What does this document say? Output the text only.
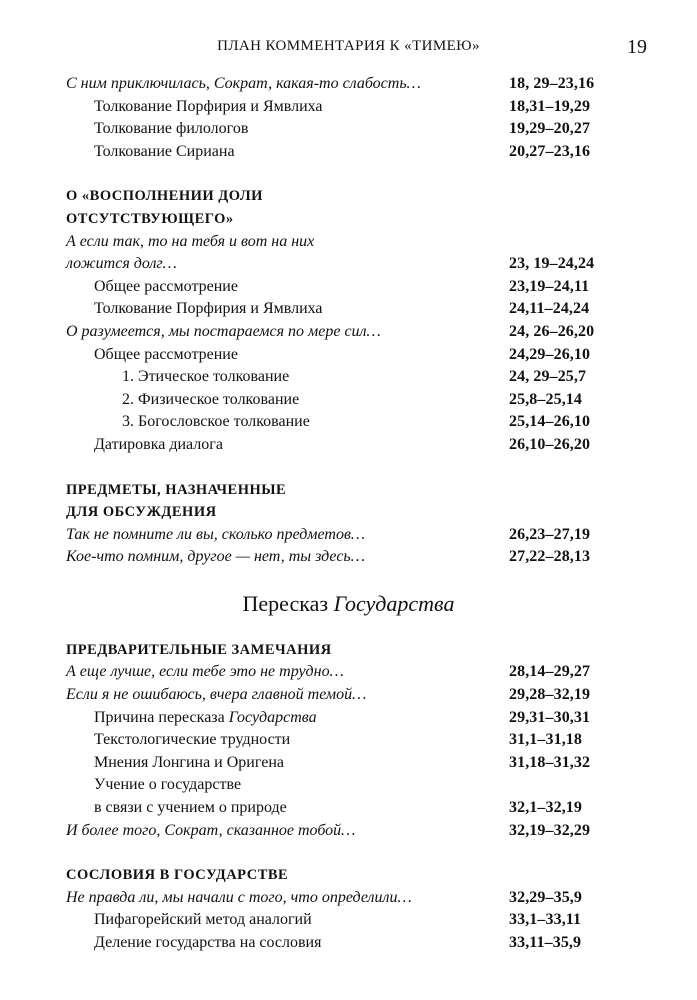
ПЛАН КОММЕНТАРИЯ К «ТИМЕЮ»	19
С ним приключилась, Сократ, какая-то слабость…	18, 29–23,16
Толкование Порфирия и Ямвлиха	18,31–19,29
Толкование филологов	19,29–20,27
Толкование Сириана	20,27–23,16
О «ВОСПОЛНЕНИИ ДОЛИ
ОТСУТСТВУЮЩЕГО»
А если так, то на тебя и вот на них
ложится долг…	23, 19–24,24
Общее рассмотрение	23,19–24,11
Толкование Порфирия и Ямвлиха	24,11–24,24
О разумеется, мы постараемся по мере сил…	24, 26–26,20
Общее рассмотрение	24,29–26,10
1. Этическое толкование	24, 29–25,7
2. Физическое толкование	25,8–25,14
3. Богословское толкование	25,14–26,10
Датировка диалога	26,10–26,20
ПРЕДМЕТЫ, НАЗНАЧЕННЫЕ
ДЛЯ ОБСУЖДЕНИЯ
Так не помните ли вы, сколько предметов…	26,23–27,19
Кое-что помним, другое — нет, ты здесь…	27,22–28,13
Пересказ Государства
ПРЕДВАРИТЕЛЬНЫЕ ЗАМЕЧАНИЯ
А еще лучше, если тебе это не трудно…	28,14–29,27
Если я не ошибаюсь, вчера главной темой…	29,28–32,19
Причина пересказа Государства	29,31–30,31
Текстологические трудности	31,1–31,18
Мнения Лонгина и Оригена	31,18–31,32
Учение о государстве
в связи с учением о природе	32,1–32,19
И более того, Сократ, сказанное тобой…	32,19–32,29
СОСЛОВИЯ В ГОСУДАРСТВЕ
Не правда ли, мы начали с того, что определили…	32,29–35,9
Пифагорейский метод аналогий	33,1–33,11
Деление государства на сословия	33,11–35,9
